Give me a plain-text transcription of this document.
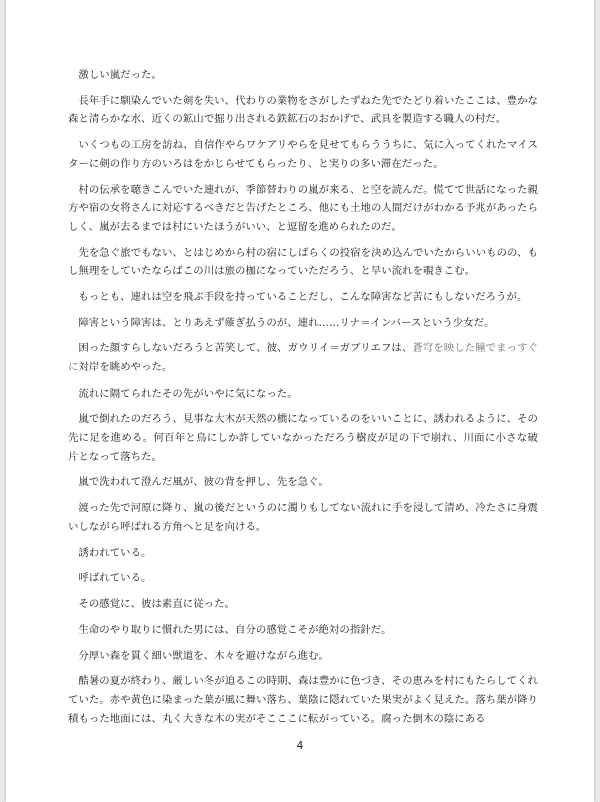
激しい嵐だった。

長年手に馴染んでいた剣を失い、代わりの業物をさがしたずねた先でたどり着いたここは、豊かな森と清らかな水、近くの鉱山で掘り出される鉄鉱石のおかげで、武具を製造する職人の村だ。

いくつもの工房を訪ね、自信作やらワケアリやらを見せてもらううちに、気に入ってくれたマイスターに剣の作り方のいろはをかじらせてもらったり、と実りの多い滞在だった。

村の伝承を聴きこんでいた連れが、季節替わりの嵐が来る、と空を読んだ。慌てて世話になった親方や宿の女将さんに対応するべきだと告げたところ、他にも土地の人間だけがわかる予兆があったらしく、嵐が去るまでは村にいたほうがいい、と逗留を進められたのだ。

先を急ぐ旅でもない、とはじめから村の宿にしばらくの投宿を決め込んでいたからいいものの、もし無理をしていたならばこの川は旅の枷になっていただろう、と早い流れを覗きこむ。

もっとも、連れは空を飛ぶ手段を持っていることだし、こんな障害など苦にもしないだろうが。

障害という障害は、とりあえず薙ぎ払うのが、連れ……リナ＝インバースという少女だ。

困った顔すらしないだろうと苦笑して、彼、ガウリイ＝ガブリエフは、蒼穹を映した瞳でまっすぐに対岸を眺めやった。

流れに隔てられたその先がいやに気になった。

嵐で倒れたのだろう、見事な大木が天然の橋になっているのをいいことに、誘われるように、その先に足を進める。何百年と鳥にしか許していなかっただろう樹皮が足の下で崩れ、川面に小さな破片となって落ちた。

嵐で洗われて澄んだ風が、彼の背を押し、先を急ぐ。

渡った先で河原に降り、嵐の後だというのに濁りもしてない流れに手を浸して清め、冷たさに身震いしながら呼ばれる方角へと足を向ける。

誘われている。

呼ばれている。

その感覚に、彼は素直に従った。

生命のやり取りに慣れた男には、自分の感覚こそが絶対の指針だ。

分厚い森を貫く細い獣道を、木々を避けながら進む。

酷暑の夏が終わり、厳しい冬が迫るこの時期、森は豊かに色づき、その恵みを村にもたらしてくれていた。赤や黄色に染まった葉が風に舞い落ち、葉陰に隠れていた果実がよく見えた。落ち葉が降り積もった地面には、丸く大きな木の実がそこここに転がっている。腐った倒木の陰にある

4
